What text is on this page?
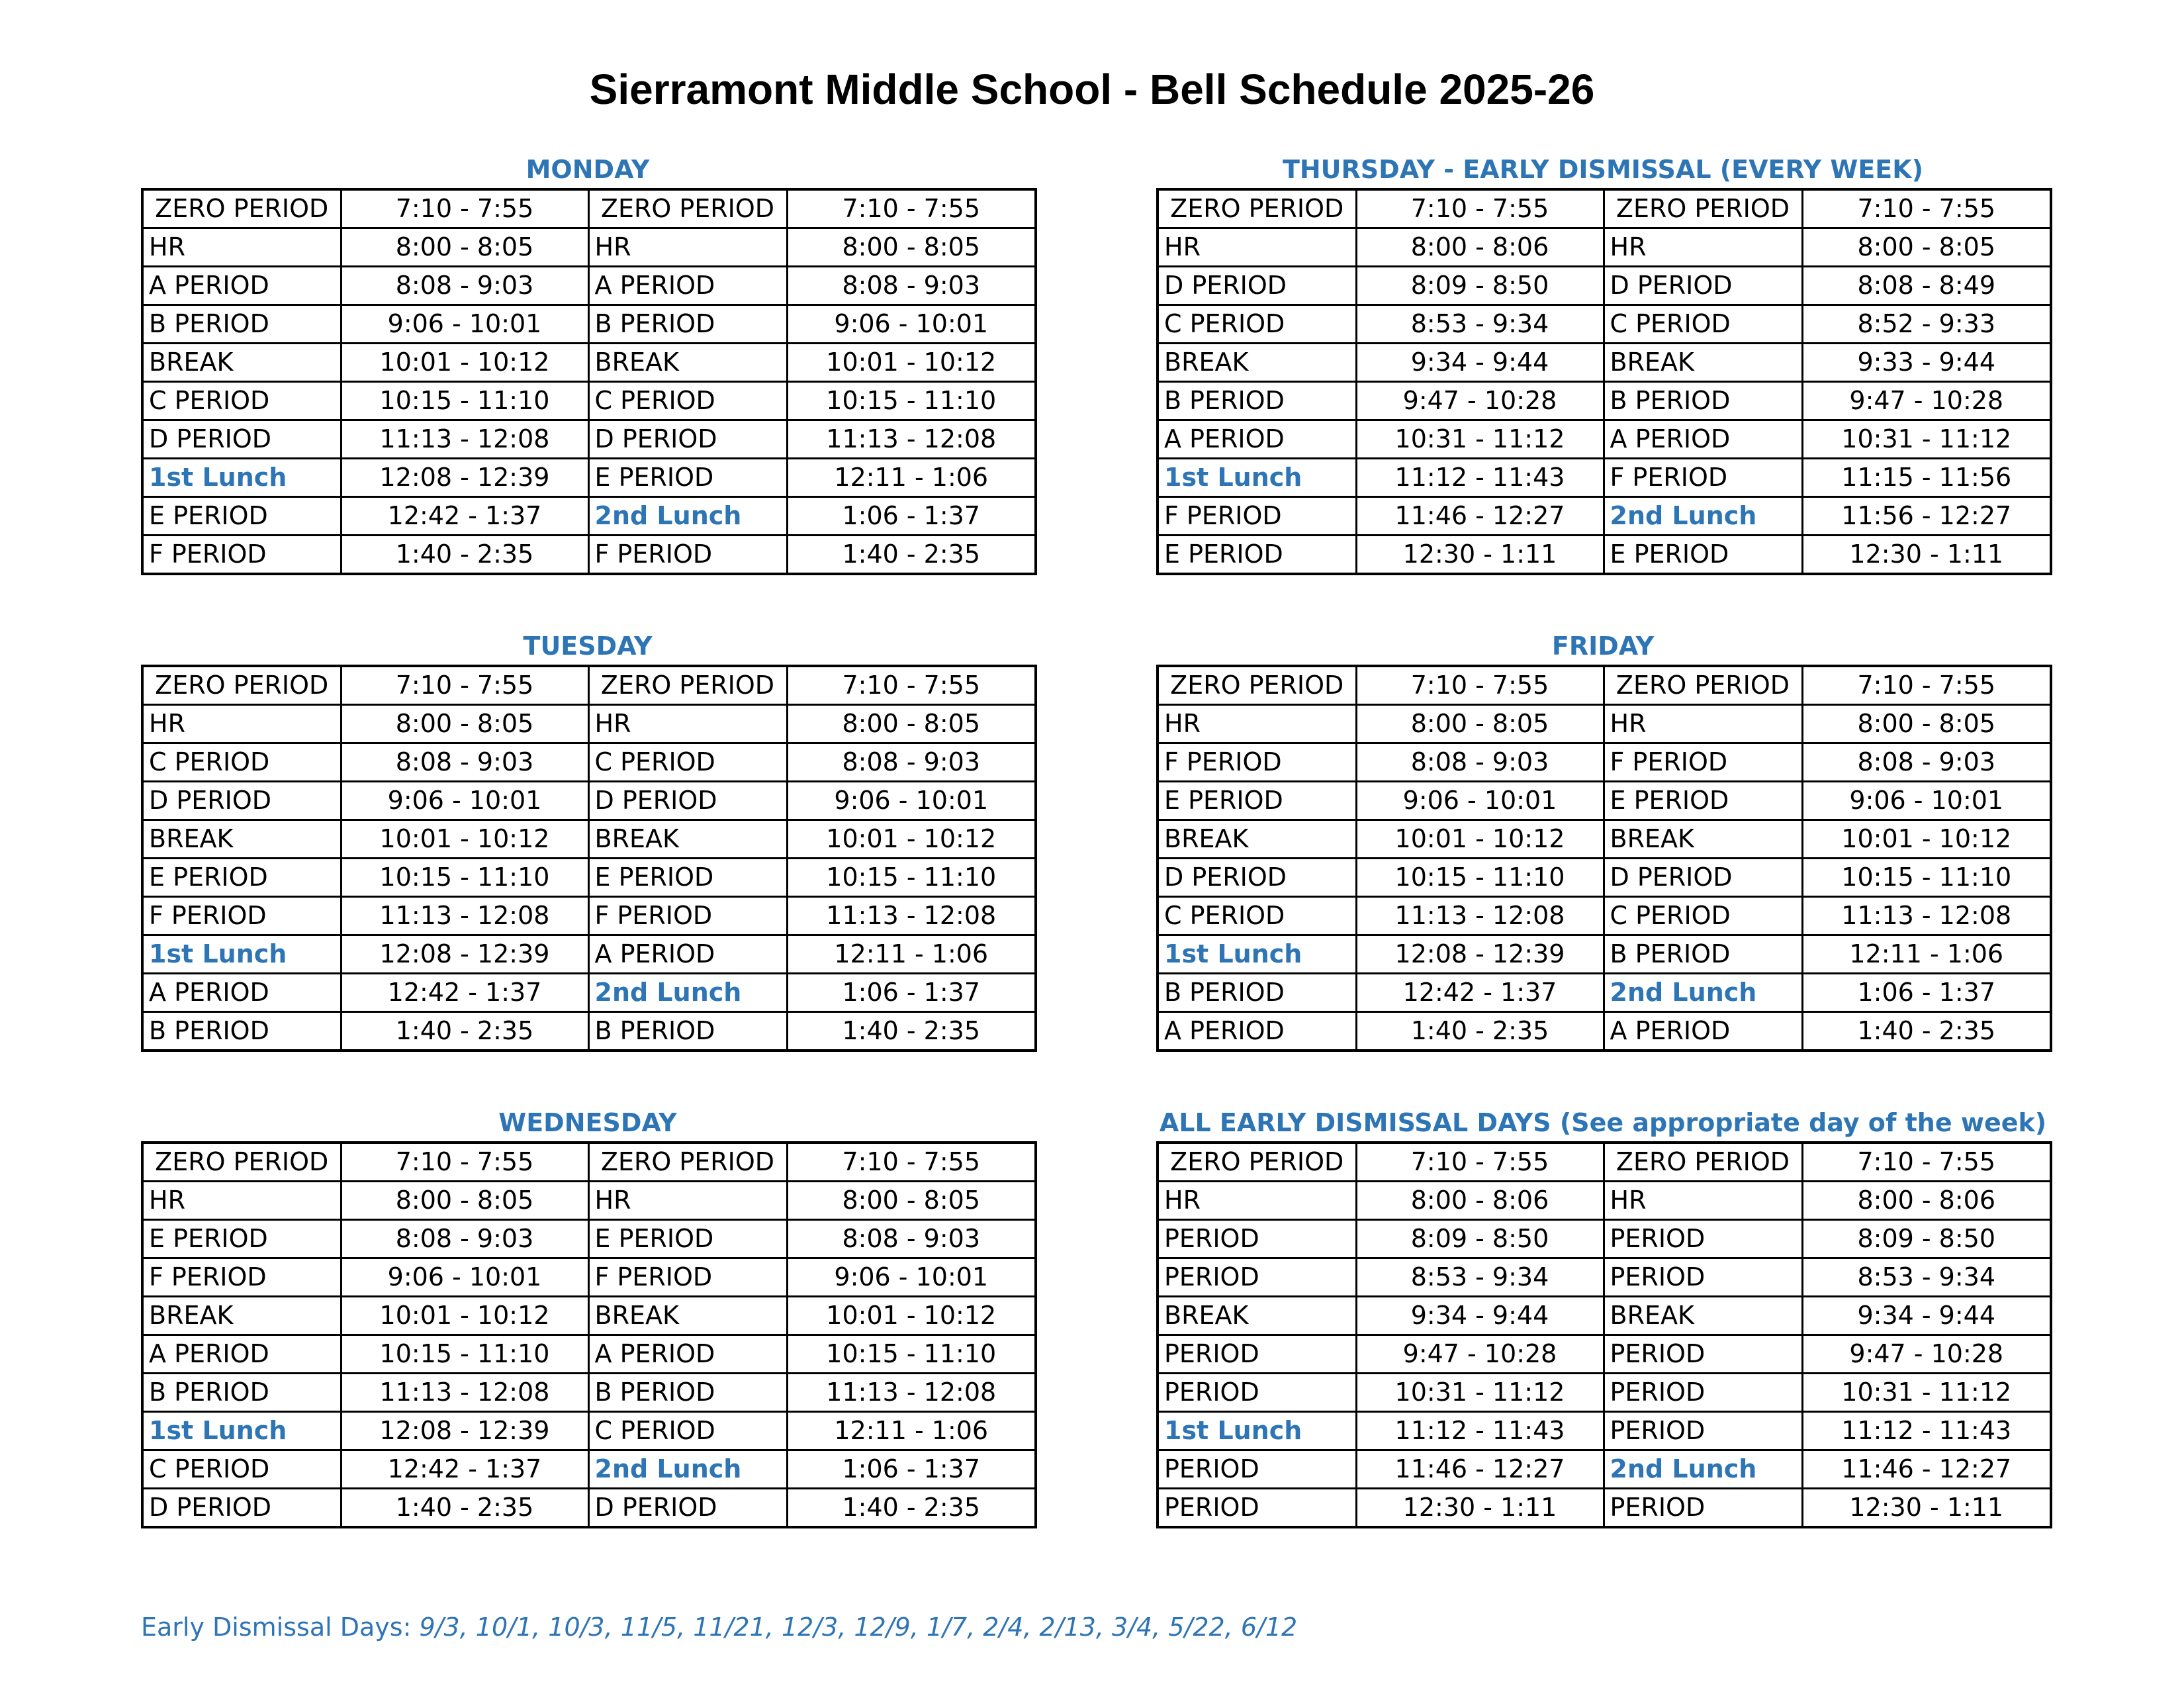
Sierramont Middle School - Bell Schedule 2025-26
MONDAY
ZERO PERIOD	7:10 - 7:55	ZERO PERIOD	7:10 - 7:55
HR	8:00 - 8:05	HR	8:00 - 8:05
A PERIOD	8:08 - 9:03	A PERIOD	8:08 - 9:03
B PERIOD	9:06 - 10:01	B PERIOD	9:06 - 10:01
BREAK	10:01 - 10:12	BREAK	10:01 - 10:12
C PERIOD	10:15 - 11:10	C PERIOD	10:15 - 11:10
D PERIOD	11:13 - 12:08	D PERIOD	11:13 - 12:08
1st Lunch	12:08 - 12:39	E PERIOD	12:11 - 1:06
E PERIOD	12:42 - 1:37	2nd Lunch	1:06 - 1:37
F PERIOD	1:40 - 2:35	F PERIOD	1:40 - 2:35
THURSDAY - EARLY DISMISSAL (EVERY WEEK)
ZERO PERIOD	7:10 - 7:55	ZERO PERIOD	7:10 - 7:55
HR	8:00 - 8:06	HR	8:00 - 8:05
D PERIOD	8:09 - 8:50	D PERIOD	8:08 - 8:49
C PERIOD	8:53 - 9:34	C PERIOD	8:52 - 9:33
BREAK	9:34 - 9:44	BREAK	9:33 - 9:44
B PERIOD	9:47 - 10:28	B PERIOD	9:47 - 10:28
A PERIOD	10:31 - 11:12	A PERIOD	10:31 - 11:12
1st Lunch	11:12 - 11:43	F PERIOD	11:15 - 11:56
F PERIOD	11:46 - 12:27	2nd Lunch	11:56 - 12:27
E PERIOD	12:30 - 1:11	E PERIOD	12:30 - 1:11
TUESDAY
ZERO PERIOD	7:10 - 7:55	ZERO PERIOD	7:10 - 7:55
HR	8:00 - 8:05	HR	8:00 - 8:05
C PERIOD	8:08 - 9:03	C PERIOD	8:08 - 9:03
D PERIOD	9:06 - 10:01	D PERIOD	9:06 - 10:01
BREAK	10:01 - 10:12	BREAK	10:01 - 10:12
E PERIOD	10:15 - 11:10	E PERIOD	10:15 - 11:10
F PERIOD	11:13 - 12:08	F PERIOD	11:13 - 12:08
1st Lunch	12:08 - 12:39	A PERIOD	12:11 - 1:06
A PERIOD	12:42 - 1:37	2nd Lunch	1:06 - 1:37
B PERIOD	1:40 - 2:35	B PERIOD	1:40 - 2:35
FRIDAY
ZERO PERIOD	7:10 - 7:55	ZERO PERIOD	7:10 - 7:55
HR	8:00 - 8:05	HR	8:00 - 8:05
F PERIOD	8:08 - 9:03	F PERIOD	8:08 - 9:03
E PERIOD	9:06 - 10:01	E PERIOD	9:06 - 10:01
BREAK	10:01 - 10:12	BREAK	10:01 - 10:12
D PERIOD	10:15 - 11:10	D PERIOD	10:15 - 11:10
C PERIOD	11:13 - 12:08	C PERIOD	11:13 - 12:08
1st Lunch	12:08 - 12:39	B PERIOD	12:11 - 1:06
B PERIOD	12:42 - 1:37	2nd Lunch	1:06 - 1:37
A PERIOD	1:40 - 2:35	A PERIOD	1:40 - 2:35
WEDNESDAY
ZERO PERIOD	7:10 - 7:55	ZERO PERIOD	7:10 - 7:55
HR	8:00 - 8:05	HR	8:00 - 8:05
E PERIOD	8:08 - 9:03	E PERIOD	8:08 - 9:03
F PERIOD	9:06 - 10:01	F PERIOD	9:06 - 10:01
BREAK	10:01 - 10:12	BREAK	10:01 - 10:12
A PERIOD	10:15 - 11:10	A PERIOD	10:15 - 11:10
B PERIOD	11:13 - 12:08	B PERIOD	11:13 - 12:08
1st Lunch	12:08 - 12:39	C PERIOD	12:11 - 1:06
C PERIOD	12:42 - 1:37	2nd Lunch	1:06 - 1:37
D PERIOD	1:40 - 2:35	D PERIOD	1:40 - 2:35
ALL EARLY DISMISSAL DAYS (See appropriate day of the week)
ZERO PERIOD	7:10 - 7:55	ZERO PERIOD	7:10 - 7:55
HR	8:00 - 8:06	HR	8:00 - 8:06
PERIOD	8:09 - 8:50	PERIOD	8:09 - 8:50
PERIOD	8:53 - 9:34	PERIOD	8:53 - 9:34
BREAK	9:34 - 9:44	BREAK	9:34 - 9:44
PERIOD	9:47 - 10:28	PERIOD	9:47 - 10:28
PERIOD	10:31 - 11:12	PERIOD	10:31 - 11:12
1st Lunch	11:12 - 11:43	PERIOD	11:12 - 11:43
PERIOD	11:46 - 12:27	2nd Lunch	11:46 - 12:27
PERIOD	12:30 - 1:11	PERIOD	12:30 - 1:11
Early Dismissal Days: 9/3, 10/1, 10/3, 11/5, 11/21, 12/3, 12/9, 1/7, 2/4, 2/13, 3/4, 5/22, 6/12
